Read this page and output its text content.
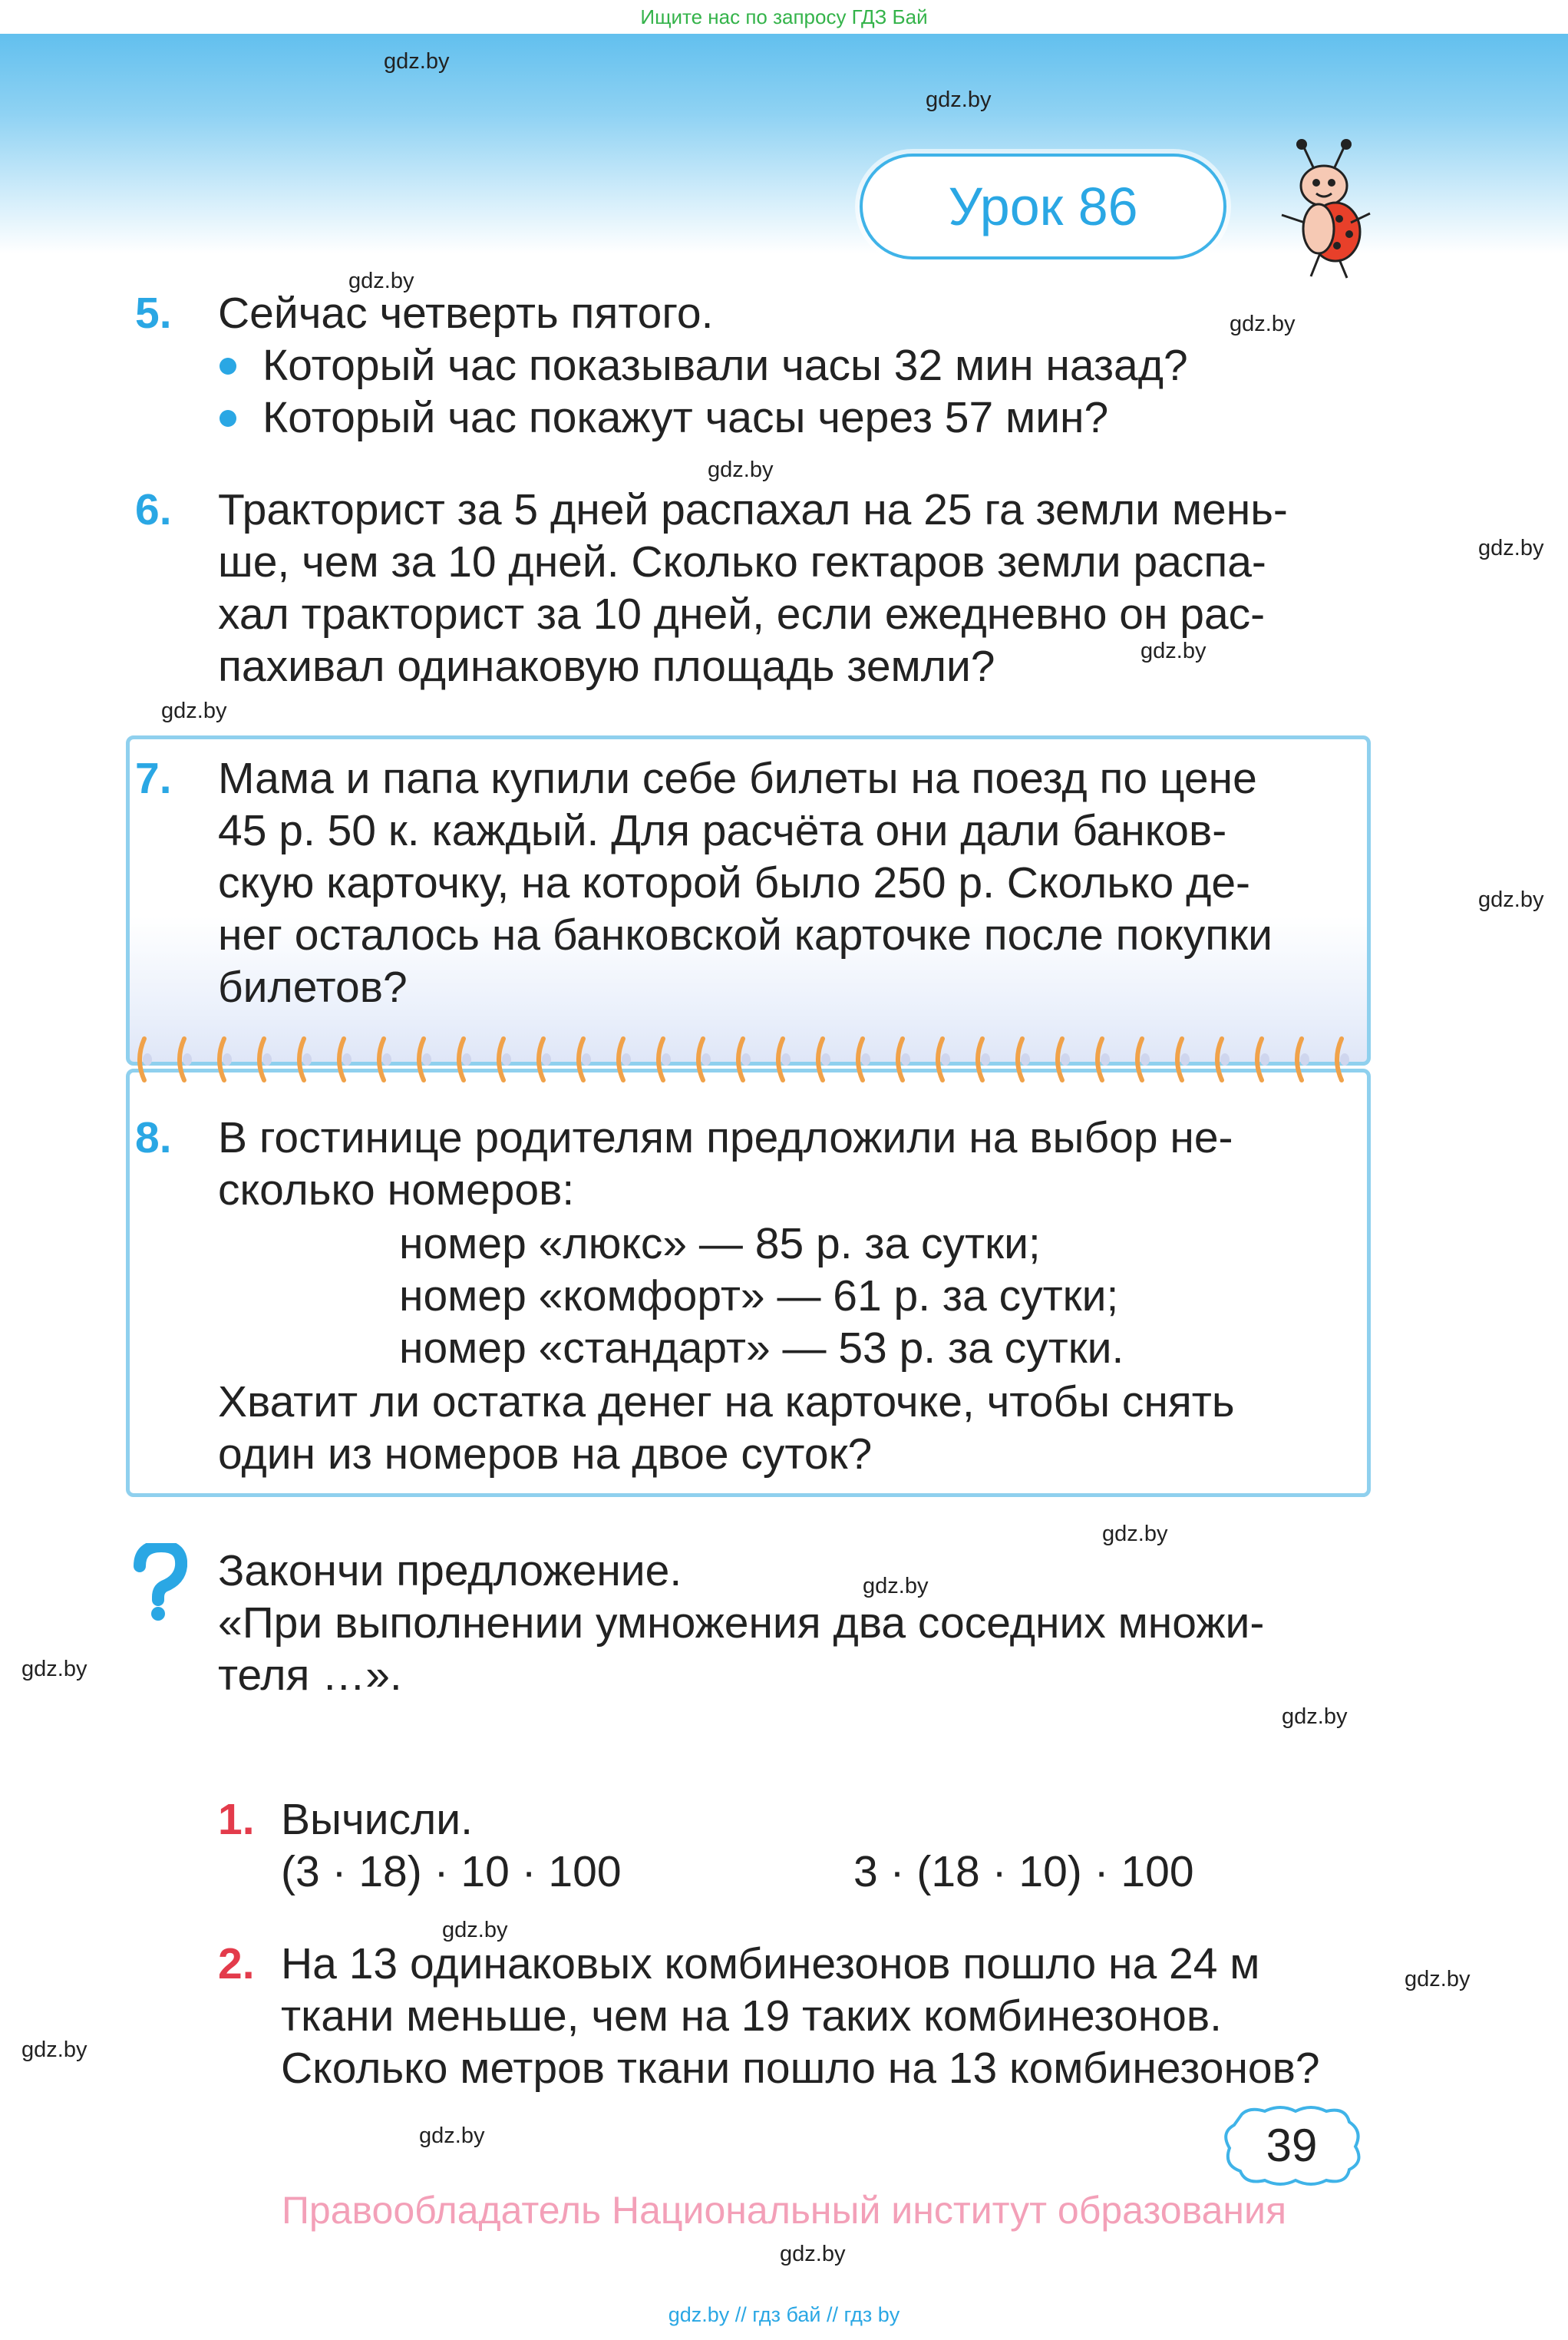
Ищите нас по запросу ГДЗ Бай
Урок 86
gdz.by
gdz.by
gdz.by
gdz.by
gdz.by
gdz.by
gdz.by
gdz.by
gdz.by
gdz.by
gdz.by
gdz.by
gdz.by
gdz.by
gdz.by
gdz.by
gdz.by
gdz.by
5. Сейчас четверть пятого.
Который час показывали часы 32 мин назад?
Который час покажут часы через 57 мин?
6. Тракторист за 5 дней распахал на 25 га земли мень-
ше, чем за 10 дней. Сколько гектаров земли распа-
хал тракторист за 10 дней, если ежедневно он рас-
пахивал одинаковую площадь земли?
7. Мама и папа купили себе билеты на поезд по цене
45 р. 50 к. каждый. Для расчёта они дали банков-
скую карточку, на которой было 250 р. Сколько де-
нег осталось на банковской карточке после покупки
билетов?
8. В гостинице родителям предложили на выбор не-
сколько номеров:
номер «люкс» — 85 р. за сутки;
номер «комфорт» — 61 р. за сутки;
номер «стандарт» — 53 р. за сутки.
Хватит ли остатка денег на карточке, чтобы снять
один из номеров на двое суток?
Закончи предложение.
«При выполнении умножения два соседних множи-
теля …».
1. Вычисли.
(3 · 18) · 10 · 100	3 · (18 · 10) · 100
2. На 13 одинаковых комбинезонов пошло на 24 м
ткани меньше, чем на 19 таких комбинезонов.
Сколько метров ткани пошло на 13 комбинезонов?
39
Правообладатель Национальный институт образования
gdz.by // гдз бай // гдз by
